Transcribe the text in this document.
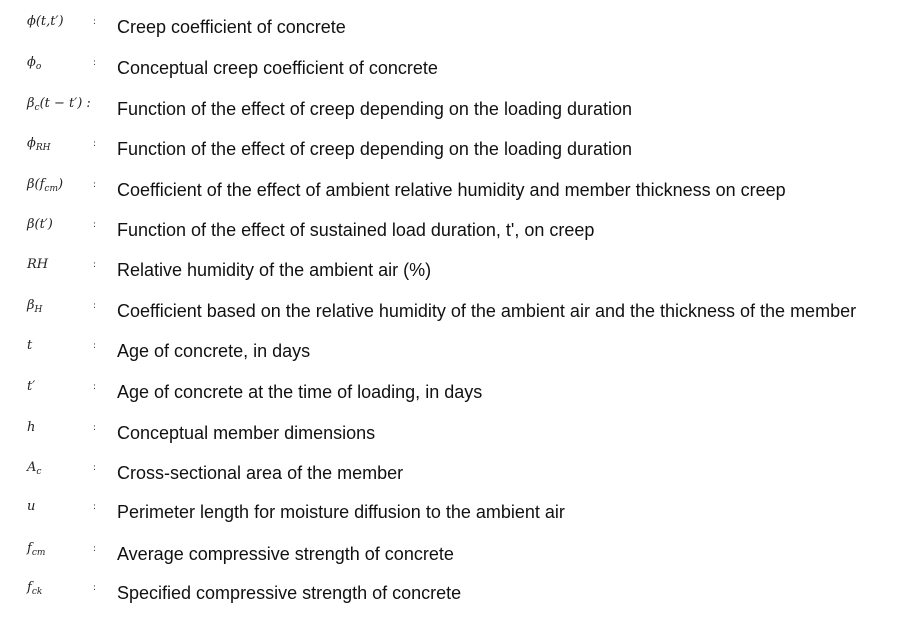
ϕ(t,t′)	: Creep coefficient of concrete
$\phi_o$	: Conceptual creep coefficient of concrete
$\beta_c(t - t')$ : Function of the effect of creep depending on the loading duration
$\phi_{RH}$	: Function of the effect of creep depending on the loading duration
$\beta(f_{cm})$	: Coefficient of the effect of ambient relative humidity and member thickness on creep
β(t′)	: Function of the effect of sustained load duration, t', on creep
RH	: Relative humidity of the ambient air (%)
$\beta_H$	: Coefficient based on the relative humidity of the ambient air and the thickness of the member
t	: Age of concrete, in days
t′	: Age of concrete at the time of loading, in days
h	: Conceptual member dimensions
$A_c$	: Cross-sectional area of the member
u	: Perimeter length for moisture diffusion to the ambient air
$f_{cm}$	: Average compressive strength of concrete
$f_{ck}$	: Specified compressive strength of concrete
